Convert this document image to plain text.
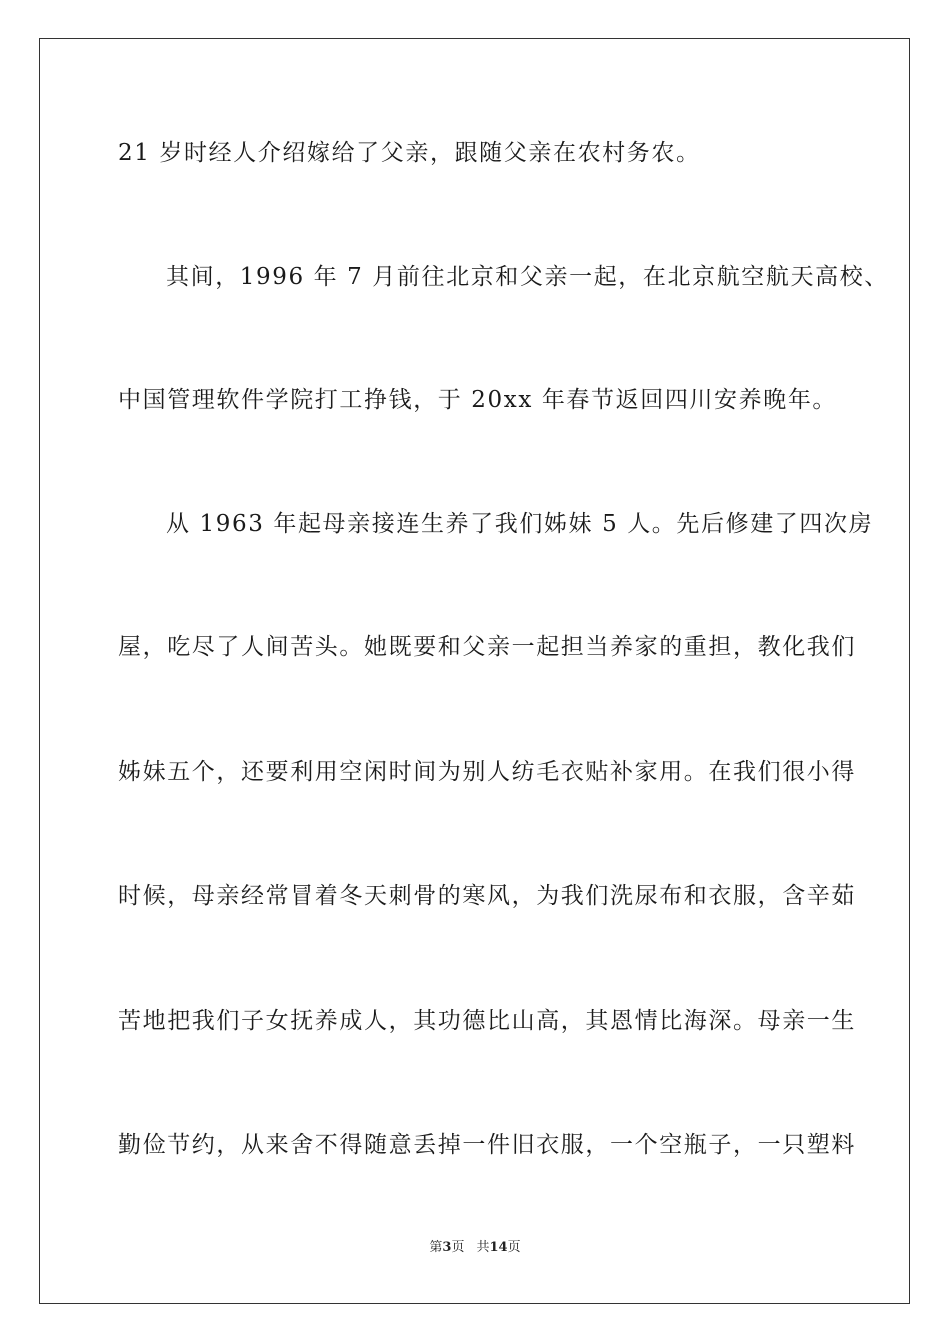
21 岁时经人介绍嫁给了父亲，跟随父亲在农村务农。
其间，1996 年 7 月前往北京和父亲一起，在北京航空航天高校、
中国管理软件学院打工挣钱，于 20xx 年春节返回四川安养晚年。
从 1963 年起母亲接连生养了我们姊妹 5 人。先后修建了四次房
屋，吃尽了人间苦头。她既要和父亲一起担当养家的重担，教化我们
姊妹五个，还要利用空闲时间为别人纺毛衣贴补家用。在我们很小得
时候，母亲经常冒着冬天刺骨的寒风，为我们洗尿布和衣服，含辛茹
苦地把我们子女抚养成人，其功德比山高，其恩情比海深。母亲一生
勤俭节约，从来舍不得随意丢掉一件旧衣服，一个空瓶子，一只塑料
第3页 共14页
